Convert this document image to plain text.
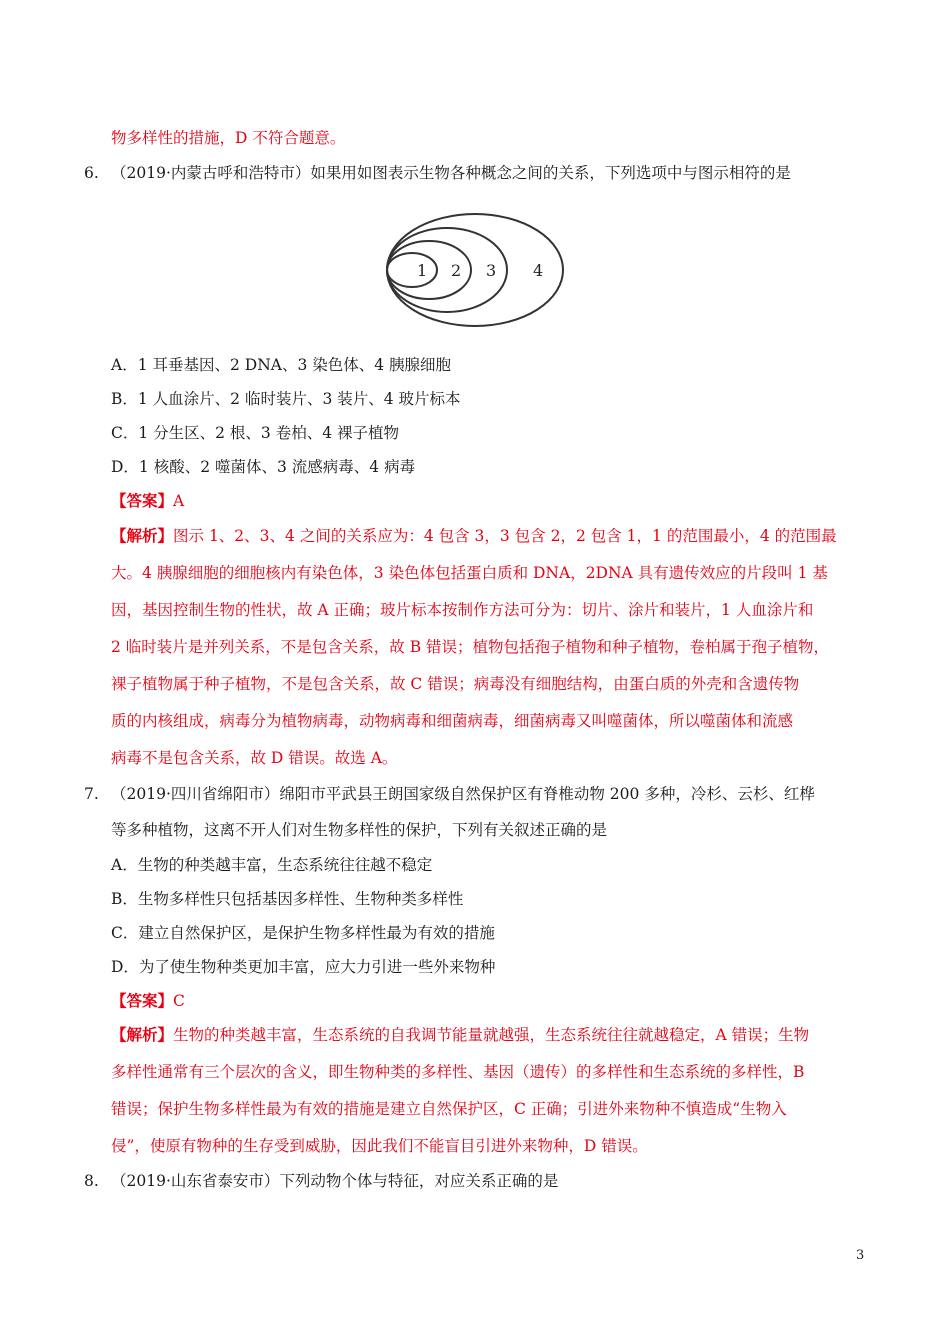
物多样性的措施，D 不符合题意。
6. （2019·内蒙古呼和浩特市）如果用如图表示生物各种概念之间的关系，下列选项中与图示相符的是
1 2 3 4
A．1 耳垂基因、2 DNA、3 染色体、4 胰腺细胞
B．1 人血涂片、2 临时装片、3 装片、4 玻片标本
C．1 分生区、2 根、3 卷柏、4 裸子植物
D．1 核酸、2 噬菌体、3 流感病毒、4 病毒
【答案】A
【解析】图示 1、2、3、4 之间的关系应为：4 包含 3，3 包含 2，2 包含 1，1 的范围最小，4 的范围最
大。4 胰腺细胞的细胞核内有染色体，3 染色体包括蛋白质和 DNA，2DNA 具有遗传效应的片段叫 1 基
因，基因控制生物的性状，故 A 正确；玻片标本按制作方法可分为：切片、涂片和装片，1 人血涂片和
2 临时装片是并列关系，不是包含关系，故 B 错误；植物包括孢子植物和种子植物，卷柏属于孢子植物，
裸子植物属于种子植物，不是包含关系，故 C 错误；病毒没有细胞结构，由蛋白质的外壳和含遗传物
质的内核组成，病毒分为植物病毒，动物病毒和细菌病毒，细菌病毒又叫噬菌体，所以噬菌体和流感
病毒不是包含关系，故 D 错误。故选 A。
7. （2019·四川省绵阳市）绵阳市平武县王朗国家级自然保护区有脊椎动物 200 多种，冷杉、云杉、红桦
等多种植物，这离不开人们对生物多样性的保护，下列有关叙述正确的是
A．生物的种类越丰富，生态系统往往越不稳定
B．生物多样性只包括基因多样性、生物种类多样性
C．建立自然保护区，是保护生物多样性最为有效的措施
D．为了使生物种类更加丰富，应大力引进一些外来物种
【答案】C
【解析】生物的种类越丰富，生态系统的自我调节能量就越强，生态系统往往就越稳定，A 错误；生物
多样性通常有三个层次的含义，即生物种类的多样性、基因（遗传）的多样性和生态系统的多样性，B
错误；保护生物多样性最为有效的措施是建立自然保护区，C 正确；引进外来物种不慎造成“生物入
侵”，使原有物种的生存受到威胁，因此我们不能盲目引进外来物种，D 错误。
8. （2019·山东省泰安市）下列动物个体与特征，对应关系正确的是
3
